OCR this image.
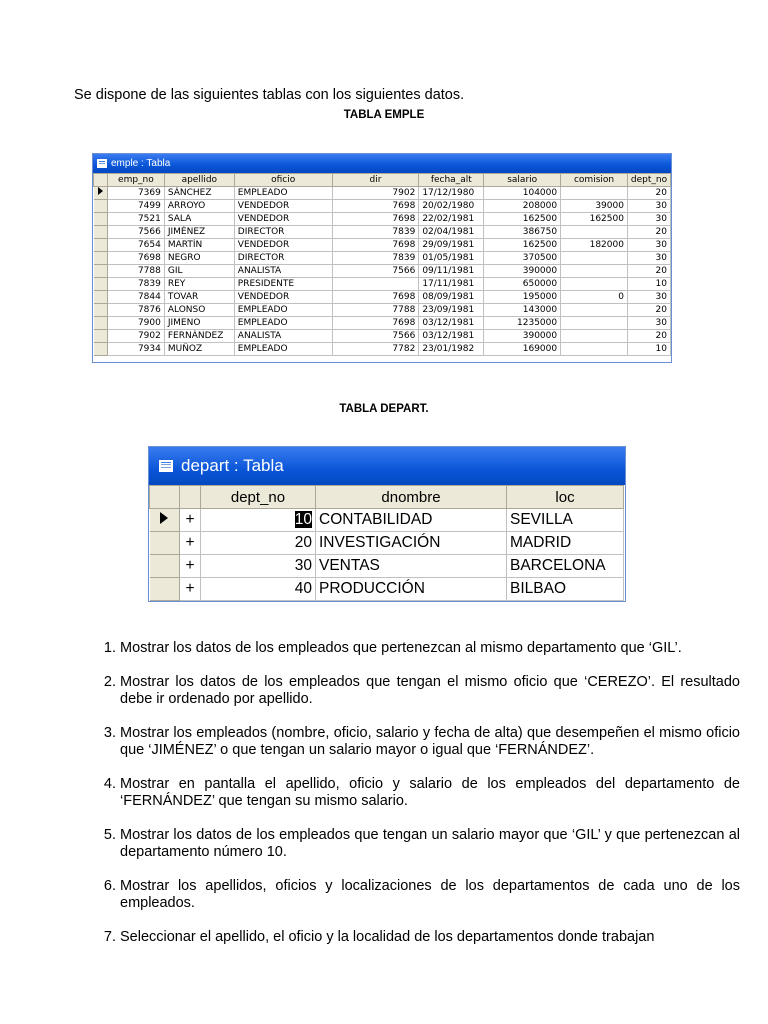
Se dispone de las siguientes tablas con los siguientes datos.

TABLA EMPLE
emple : Tabla
	emp_no	apellido	oficio	dir	fecha_alt	salario	comision	dept_no
	7369	SÁNCHEZ	EMPLEADO	7902	17/12/1980	104000		20
	7499	ARROYO	VENDEDOR	7698	20/02/1980	208000	39000	30
	7521	SALA	VENDEDOR	7698	22/02/1981	162500	162500	30
	7566	JIMÉNEZ	DIRECTOR	7839	02/04/1981	386750		20
	7654	MARTÍN	VENDEDOR	7698	29/09/1981	162500	182000	30
	7698	NEGRO	DIRECTOR	7839	01/05/1981	370500		30
	7788	GIL	ANALISTA	7566	09/11/1981	390000		20
	7839	REY	PRESIDENTE		17/11/1981	650000		10
	7844	TOVAR	VENDEDOR	7698	08/09/1981	195000	0	30
	7876	ALONSO	EMPLEADO	7788	23/09/1981	143000		20
	7900	JIMENO	EMPLEADO	7698	03/12/1981	1235000		30
	7902	FERNÁNDEZ	ANALISTA	7566	03/12/1981	390000		20
	7934	MUÑOZ	EMPLEADO	7782	23/01/1982	169000		10
TABLA DEPART.
depart : Tabla
		dept_no	dnombre	loc
	+	10	CONTABILIDAD	SEVILLA
	+	20	INVESTIGACIÓN	MADRID
	+	30	VENTAS	BARCELONA
	+	40	PRODUCCIÓN	BILBAO
1. Mostrar los datos de los empleados que pertenezcan al mismo departamento que ‘GIL’.
2. Mostrar los datos de los empleados que tengan el mismo oficio que ‘CEREZO’. El resultado debe ir ordenado por apellido.
3. Mostrar los empleados (nombre, oficio, salario y fecha de alta) que desempeñen el mismo oficio que ‘JIMÉNEZ’ o que tengan un salario mayor o igual que ‘FERNÁNDEZ’.
4. Mostrar en pantalla el apellido, oficio y salario de los empleados del departamento de ‘FERNÁNDEZ’ que tengan su mismo salario.
5. Mostrar los datos de los empleados que tengan un salario mayor que ‘GIL’ y que pertenezcan al departamento número 10.
6. Mostrar los apellidos, oficios y localizaciones de los departamentos de cada uno de los empleados.
7. Seleccionar el apellido, el oficio y la localidad de los departamentos donde trabajan
